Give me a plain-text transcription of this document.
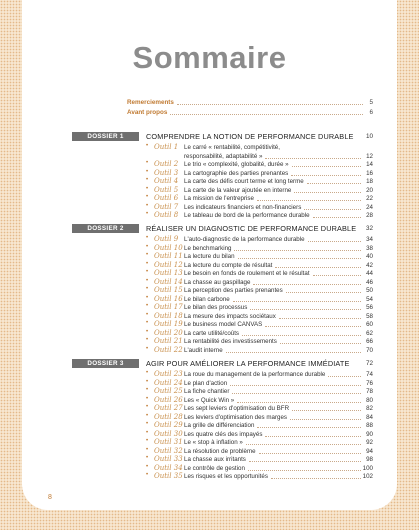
Sommaire
Remerciements	5
Avant propos	6
DOSSIER 1	COMPRENDRE LA NOTION DE PERFORMANCE DURABLE 10
• Outil 1 Le carré « rentabilité, compétitivité,
responsabilité, adaptabilité »	12
• Outil 2 Le trio « complexité, globalité, durée »	14
• Outil 3 La cartographie des parties prenantes	16
• Outil 4 La carte des défis court terme et long terme	18
• Outil 5 La carte de la valeur ajoutée en interne	20
• Outil 6 La mission de l'entreprise	22
• Outil 7 Les indicateurs financiers et non-financiers	24
• Outil 8 Le tableau de bord de la performance durable	28
DOSSIER 2	RÉALISER UN DIAGNOSTIC DE PERFORMANCE DURABLE 32
• Outil 9 L'auto-diagnostic de la performance durable	34
• Outil 10 Le benchmarking	38
• Outil 11 La lecture du bilan	40
• Outil 12 La lecture du compte de résultat	42
• Outil 13 Le besoin en fonds de roulement et le résultat	44
• Outil 14 La chasse au gaspillage	46
• Outil 15 La perception des parties prenantes	50
• Outil 16 Le bilan carbone	54
• Outil 17 Le bilan des processus	56
• Outil 18 La mesure des impacts sociétaux	58
• Outil 19 Le business model CANVAS	60
• Outil 20 La carte utilité/coûts	62
• Outil 21 La rentabilité des investissements	66
• Outil 22 L'audit interne	70
DOSSIER 3	AGIR POUR AMÉLIORER LA PERFORMANCE IMMÉDIATE	72
• Outil 23 La roue du management de la performance durable	74
• Outil 24 Le plan d'action	76
• Outil 25 La fiche chantier	78
• Outil 26 Les « Quick Win »	80
• Outil 27 Les sept leviers d'optimisation du BFR	82
• Outil 28 Les leviers d'optimisation des marges	84
• Outil 29 La grille de différenciation	88
• Outil 30 Les quatre clés des impayés	90
• Outil 31 Le « stop à inflation »	92
• Outil 32 La résolution de problème	94
• Outil 33 La chasse aux irritants	98
• Outil 34 Le contrôle de gestion	100
• Outil 35 Les risques et les opportunités	102
8
